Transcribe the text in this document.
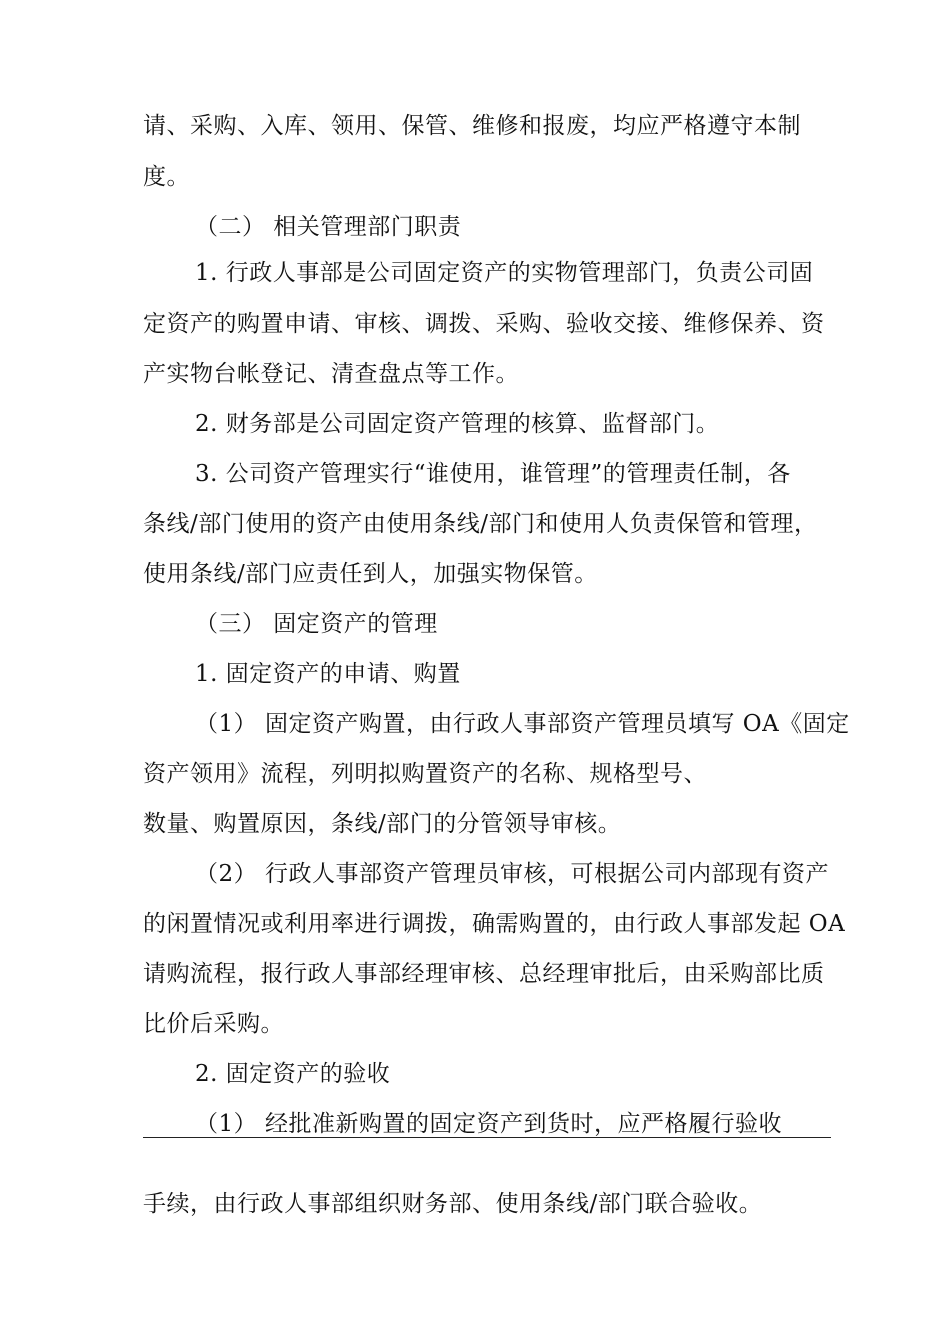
请、采购、入库、领用、保管、维修和报废，均应严格遵守本制

度。

（二） 相关管理部门职责

1. 行政人事部是公司固定资产的实物管理部门，负责公司固

定资产的购置申请、审核、调拨、采购、验收交接、维修保养、资

产实物台帐登记、清查盘点等工作。

2. 财务部是公司固定资产管理的核算、监督部门。

3. 公司资产管理实行“谁使用，谁管理”的管理责任制，各

条线/部门使用的资产由使用条线/部门和使用人负责保管和管理，

使用条线/部门应责任到人，加强实物保管。

（三） 固定资产的管理

1. 固定资产的申请、购置

（1） 固定资产购置，由行政人事部资产管理员填写 OA《固定

资产领用》流程，列明拟购置资产的名称、规格型号、

数量、购置原因，条线/部门的分管领导审核。

（2） 行政人事部资产管理员审核，可根据公司内部现有资产

的闲置情况或利用率进行调拨，确需购置的，由行政人事部发起 OA

请购流程，报行政人事部经理审核、总经理审批后，由采购部比质

比价后采购。

2. 固定资产的验收

（1） 经批准新购置的固定资产到货时，应严格履行验收

手续，由行政人事部组织财务部、使用条线/部门联合验收。
